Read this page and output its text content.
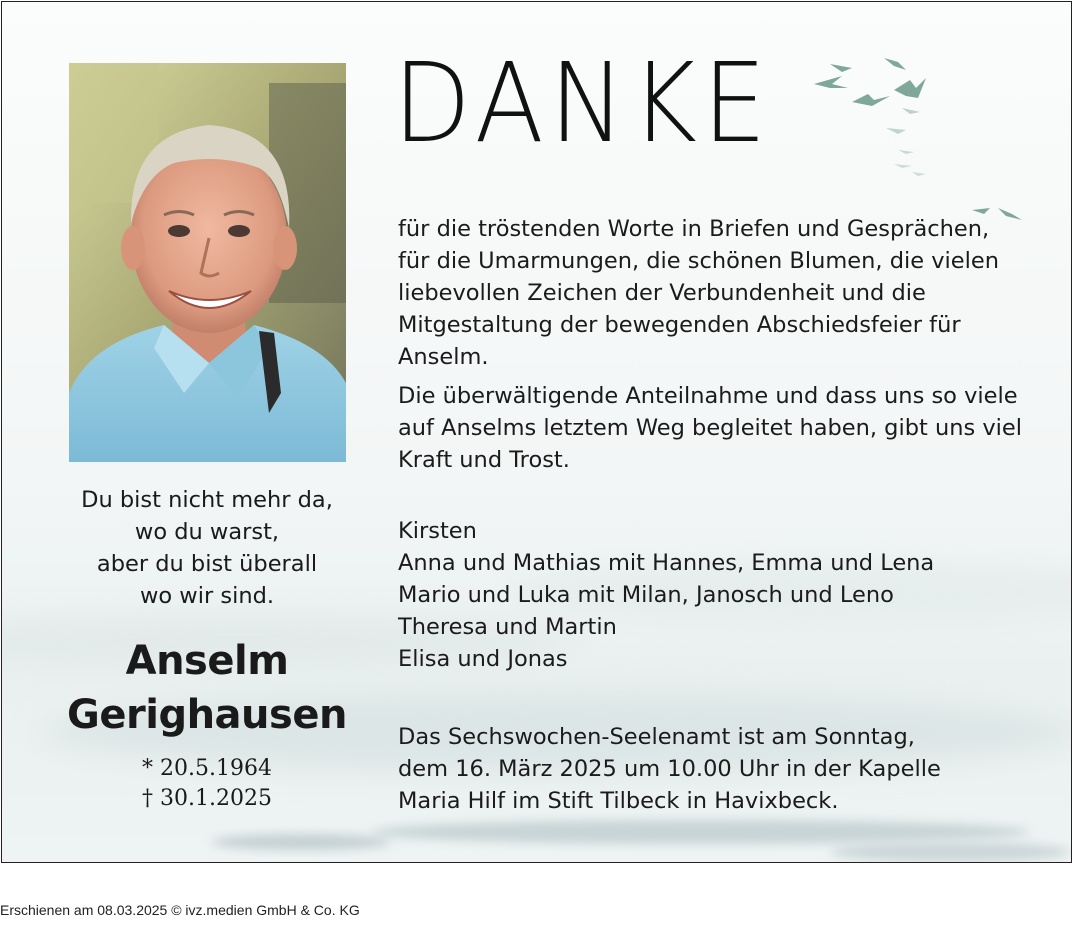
DANKE

für die tröstenden Worte in Briefen und Gesprächen,

für die Umarmungen, die schönen Blumen, die vielen

liebevollen Zeichen der Verbundenheit und die

Mitgestaltung der bewegenden Abschiedsfeier für

Anselm.

Die überwältigende Anteilnahme und dass uns so viele

auf Anselms letztem Weg begleitet haben, gibt uns viel

Kraft und Trost.

Kirsten

Anna und Mathias mit Hannes, Emma und Lena

Mario und Luka mit Milan, Janosch und Leno

Theresa und Martin

Elisa und Jonas

Das Sechswochen-Seelenamt ist am Sonntag,

dem 16. März 2025 um 10.00 Uhr in der Kapelle

Maria Hilf im Stift Tilbeck in Havixbeck.

Du bist nicht mehr da,
wo du warst,
aber du bist überall
wo wir sind.
Anselm
Gerighausen
* 20.5.1964
† 30.1.2025
Erschienen am 08.03.2025 © ivz.medien GmbH & Co. KG
